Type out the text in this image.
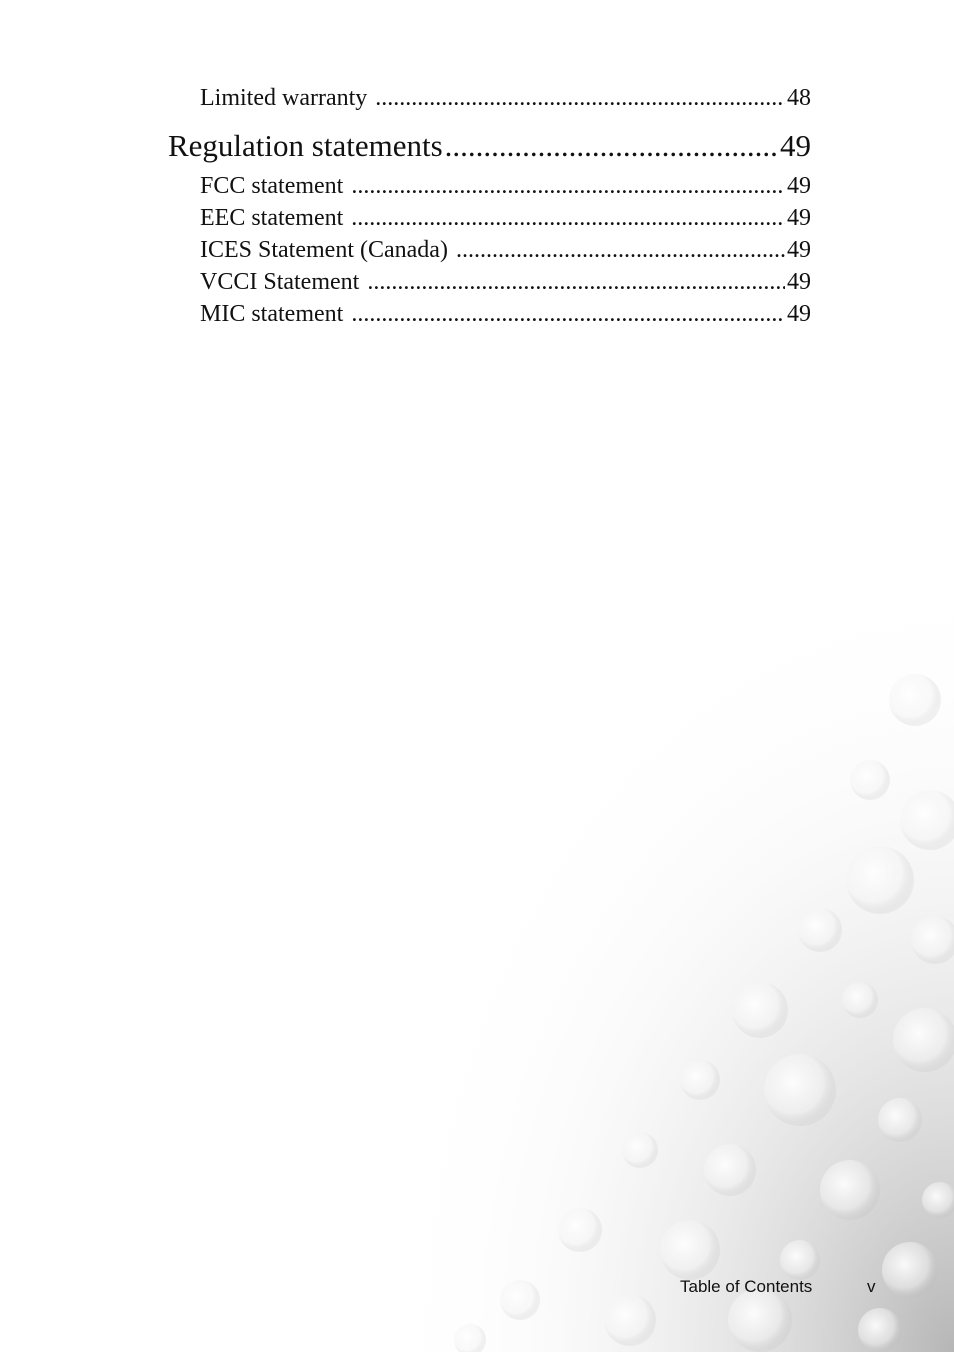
Limited warranty .....	48
Regulation statements .....	49
FCC statement .....	49
EEC statement .....	49
ICES Statement (Canada) .....	49
VCCI Statement .....	49
MIC statement .....	49
Table of Contents	v
